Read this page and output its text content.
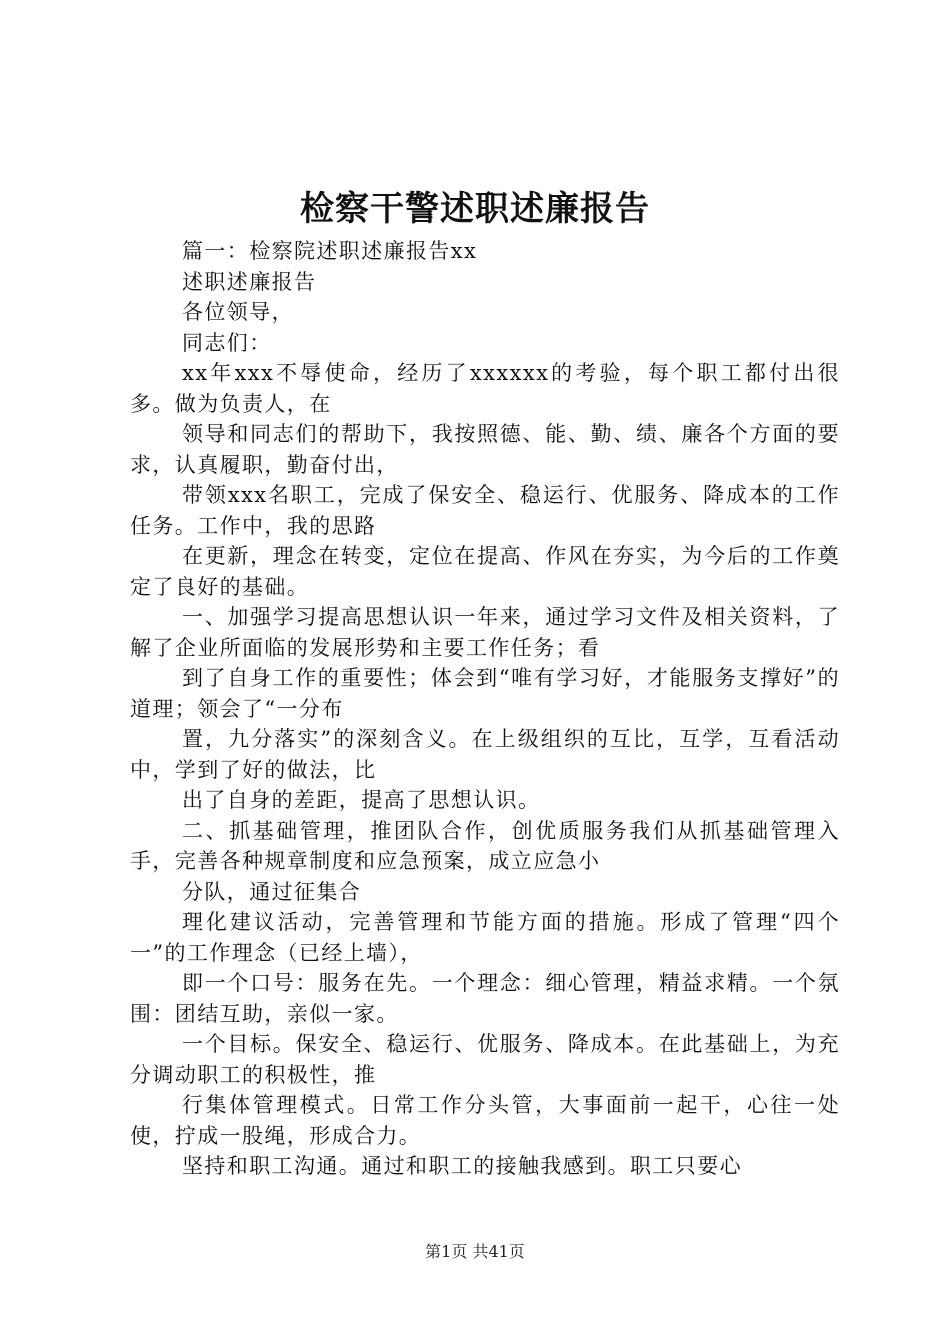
检察干警述职述廉报告

篇一：检察院述职述廉报告xx

述职述廉报告

各位领导，

同志们：

xx年xxx不辱使命，经历了xxxxxx的考验，每个职工都付出很多。做为负责人，在

领导和同志们的帮助下，我按照德、能、勤、绩、廉各个方面的要求，认真履职，勤奋付出，

带领xxx名职工，完成了保安全、稳运行、优服务、降成本的工作任务。工作中，我的思路

在更新，理念在转变，定位在提高、作风在夯实，为今后的工作奠定了良好的基础。

一、加强学习提高思想认识一年来，通过学习文件及相关资料，了解了企业所面临的发展形势和主要工作任务；看

到了自身工作的重要性；体会到“唯有学习好，才能服务支撑好”的道理；领会了“一分布

置，九分落实”的深刻含义。在上级组织的互比，互学，互看活动中，学到了好的做法，比

出了自身的差距，提高了思想认识。

二、抓基础管理，推团队合作，创优质服务我们从抓基础管理入手，完善各种规章制度和应急预案，成立应急小

分队，通过征集合

理化建议活动，完善管理和节能方面的措施。形成了管理“四个一”的工作理念（已经上墙），

即一个口号：服务在先。一个理念：细心管理，精益求精。一个氛围：团结互助，亲似一家。

一个目标。保安全、稳运行、优服务、降成本。在此基础上，为充分调动职工的积极性，推

行集体管理模式。日常工作分头管，大事面前一起干，心往一处使，拧成一股绳，形成合力。

坚持和职工沟通。通过和职工的接触我感到。职工只要心

第1页 共41页
